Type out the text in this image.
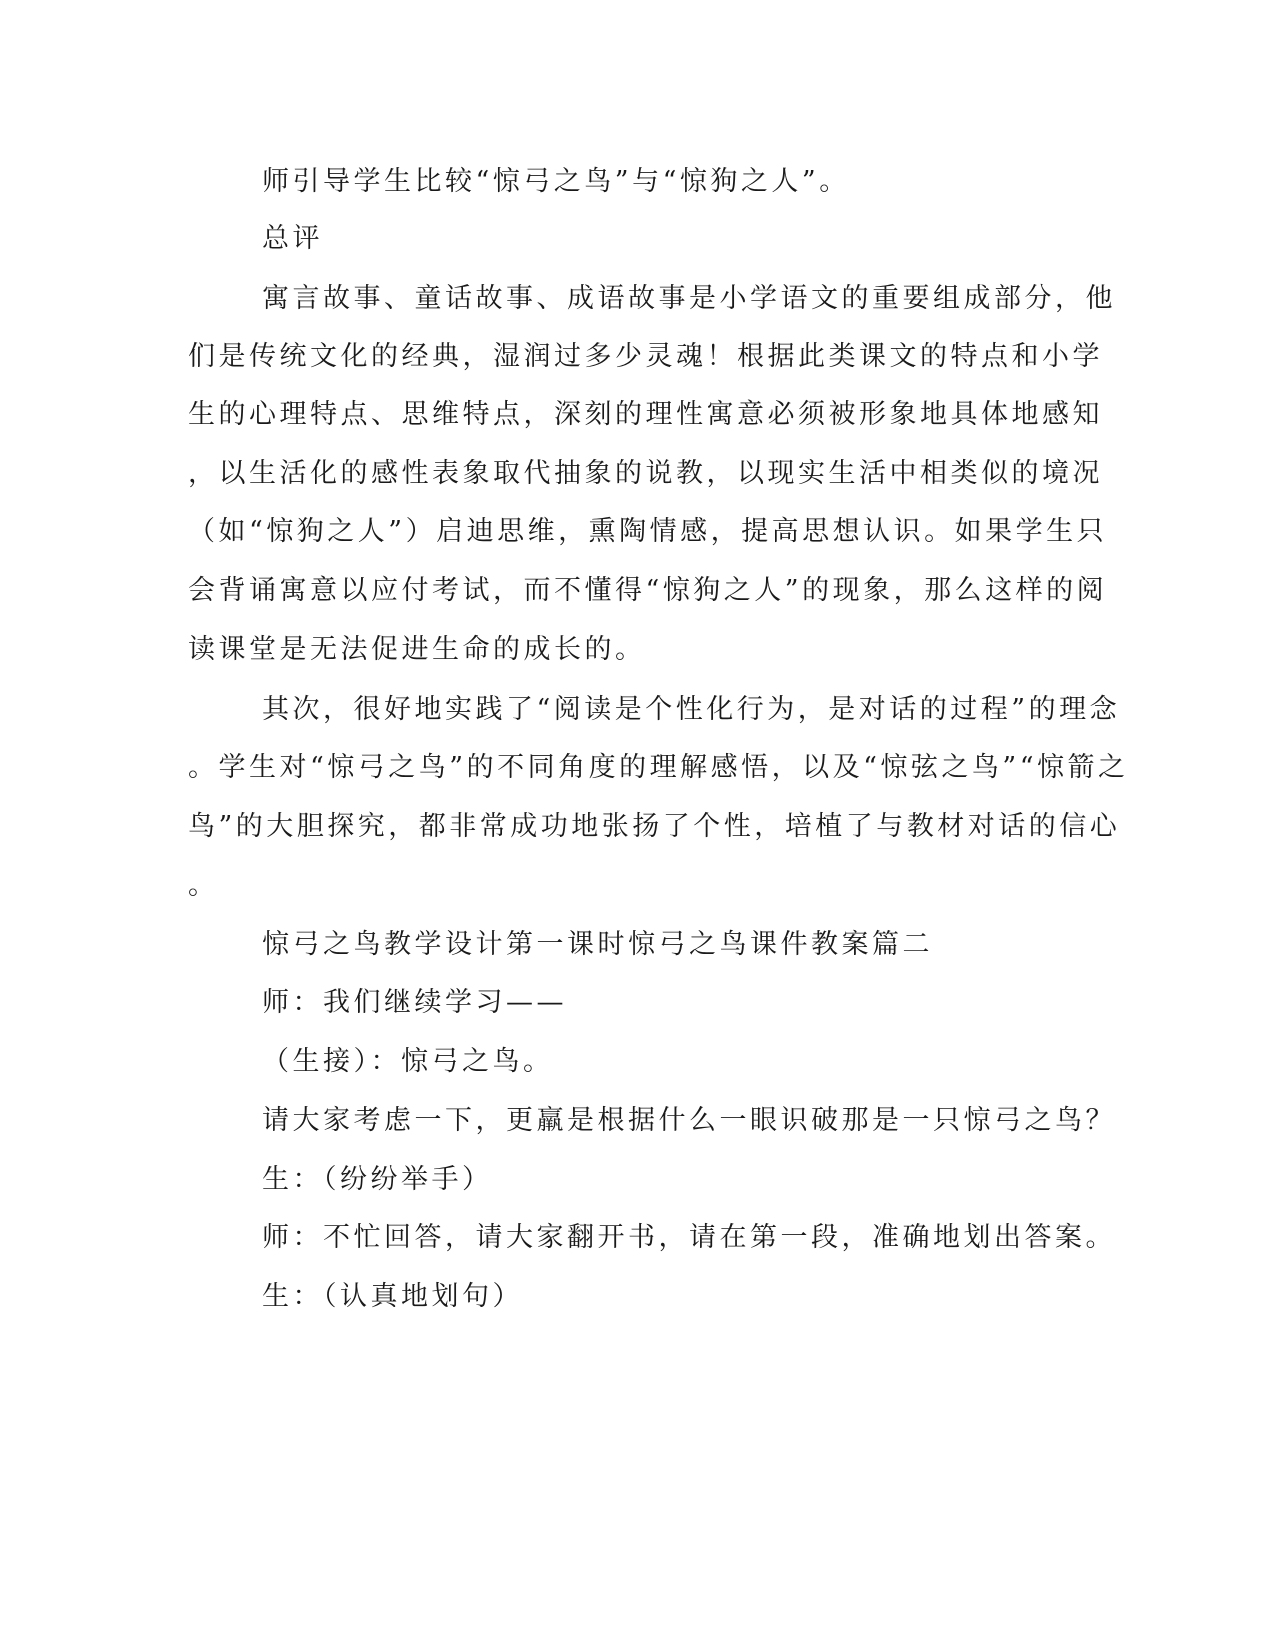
师引导学生比较“惊弓之鸟”与“惊狗之人”。

总评

寓言故事、童话故事、成语故事是小学语文的重要组成部分，他

们是传统文化的经典，湿润过多少灵魂！根据此类课文的特点和小学

生的心理特点、思维特点，深刻的理性寓意必须被形象地具体地感知

，以生活化的感性表象取代抽象的说教，以现实生活中相类似的境况

（如“惊狗之人”）启迪思维，熏陶情感，提高思想认识。如果学生只

会背诵寓意以应付考试，而不懂得“惊狗之人”的现象，那么这样的阅

读课堂是无法促进生命的成长的。

其次，很好地实践了“阅读是个性化行为，是对话的过程”的理念

。学生对“惊弓之鸟”的不同角度的理解感悟，以及“惊弦之鸟”“惊箭之

鸟”的大胆探究，都非常成功地张扬了个性，培植了与教材对话的信心

。

惊弓之鸟教学设计第一课时惊弓之鸟课件教案篇二

师：我们继续学习——

（生接）：惊弓之鸟。

请大家考虑一下，更羸是根据什么一眼识破那是一只惊弓之鸟？

生：（纷纷举手）

师：不忙回答，请大家翻开书，请在第一段，准确地划出答案。

生：（认真地划句）
